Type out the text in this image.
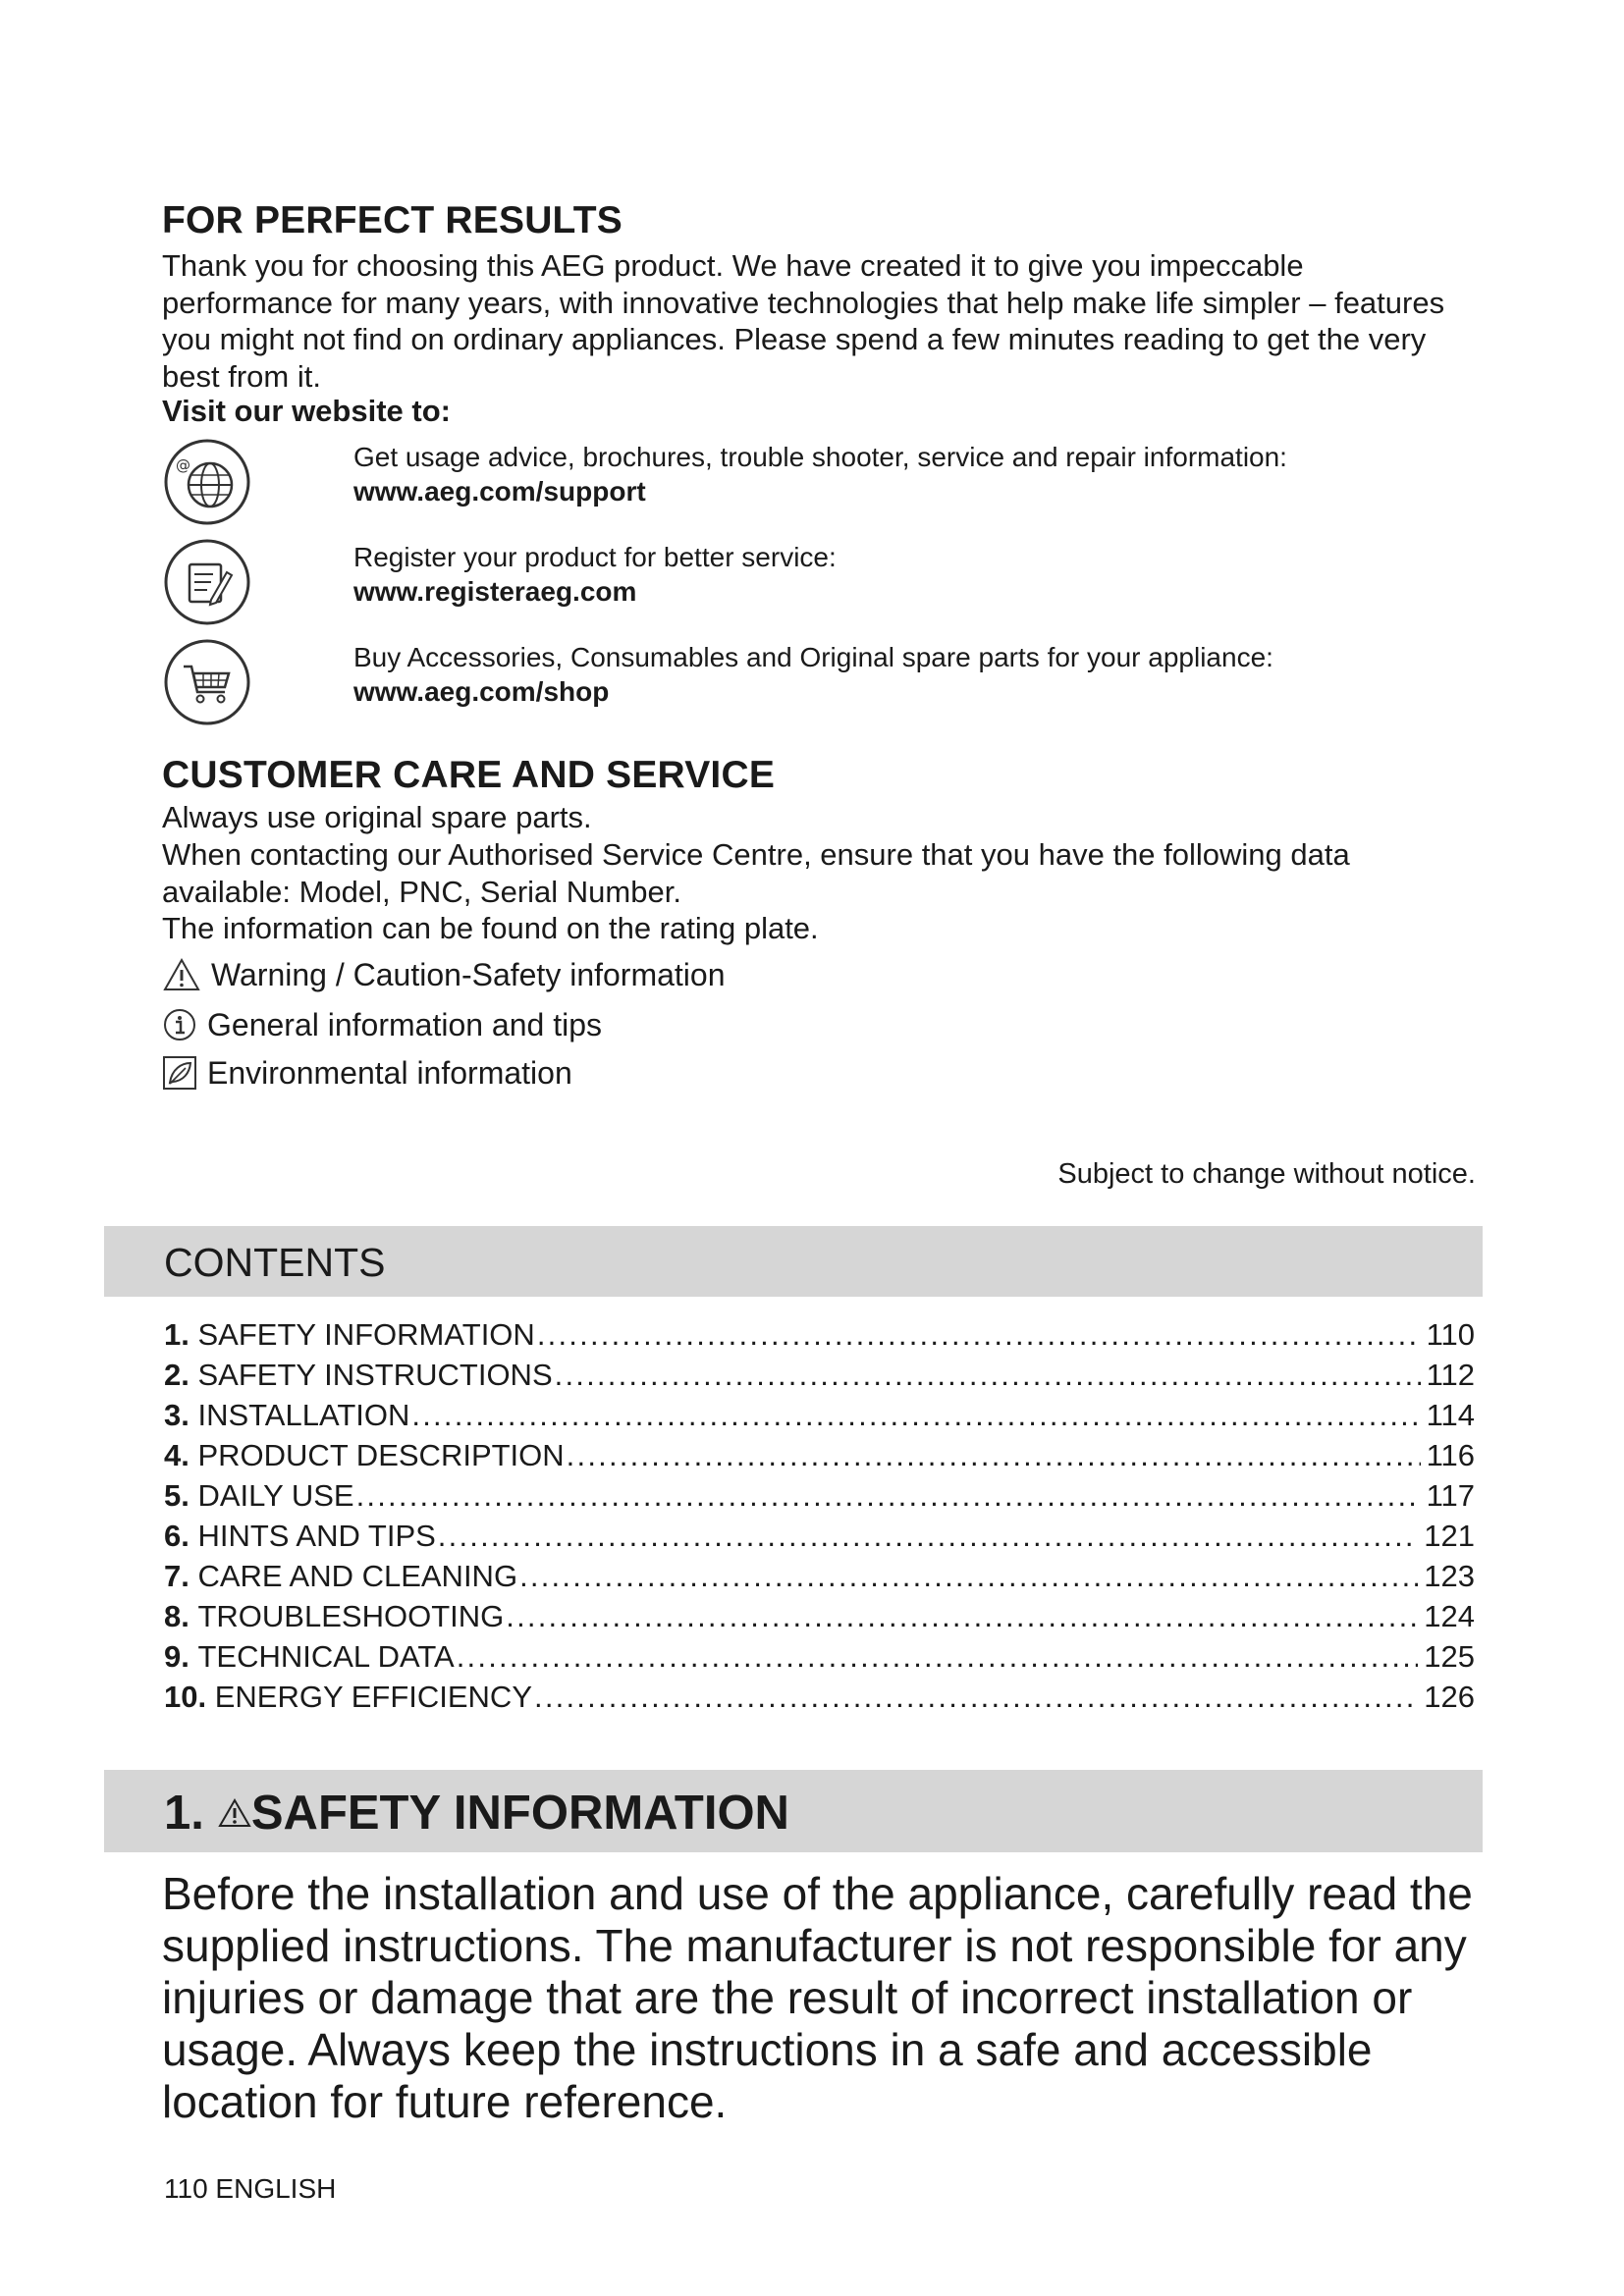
FOR PERFECT RESULTS

Thank you for choosing this AEG product. We have created it to give you impeccable performance for many years, with innovative technologies that help make life simpler – features you might not find on ordinary appliances. Please spend a few minutes reading to get the very best from it.

Visit our website to:

@	Get usage advice, brochures, trouble shooter, service and repair information:
www.aeg.com/support
Register your product for better service:
www.registeraeg.com
Buy Accessories, Consumables and Original spare parts for your appliance:
www.aeg.com/shop
CUSTOMER CARE AND SERVICE

Always use original spare parts.

When contacting our Authorised Service Centre, ensure that you have the following data available: Model, PNC, Serial Number.

The information can be found on the rating plate.

Warning / Caution-Safety information
General information and tips
Environmental information
Subject to change without notice.
CONTENTS
1.
SAFETY INFORMATION . . .	110
2.
SAFETY INSTRUCTIONS . . .	112
3.
INSTALLATION . . .	114
4.
PRODUCT DESCRIPTION . . .	116
5.
DAILY USE . . .	117
6.
HINTS AND TIPS . . .	121
7.
CARE AND CLEANING . . .	123
8.
TROUBLESHOOTING . . .	124
9.
TECHNICAL DATA . . .	125
10.
ENERGY EFFICIENCY . . .	126
1. SAFETY INFORMATION

Before the installation and use of the appliance, carefully read the supplied instructions. The manufacturer is not responsible for any injuries or damage that are the result of incorrect installation or usage. Always keep the instructions in a safe and accessible location for future reference.

110 ENGLISH
